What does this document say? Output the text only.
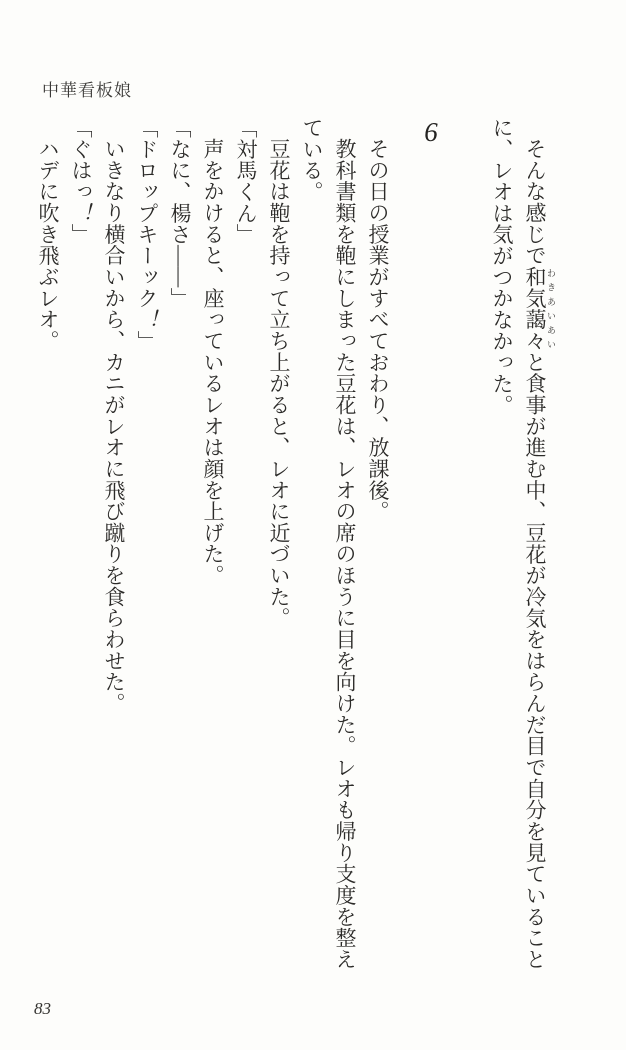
中華看板娘

そんな感じで和気藹々 わきあいあいと食事が進む中、豆花が冷気をはらんだ目で自分を見ていることに、レオは気がつかなかった。

6

その日の授業がすべておわり、放課後。

教科書類を鞄にしまった豆花は、レオの席のほうに目を向けた。レオも帰り支度を整えている。

豆花は鞄を持って立ち上がると、レオに近づいた。

「対馬くん」

声をかけると、座っているレオは顔を上げた。

「なに、楊さ――」

「ドロップキーック！」

いきなり横合いから、カニがレオに飛び蹴りを食らわせた。

「ぐはっ！」

ハデに吹き飛ぶレオ。

83
